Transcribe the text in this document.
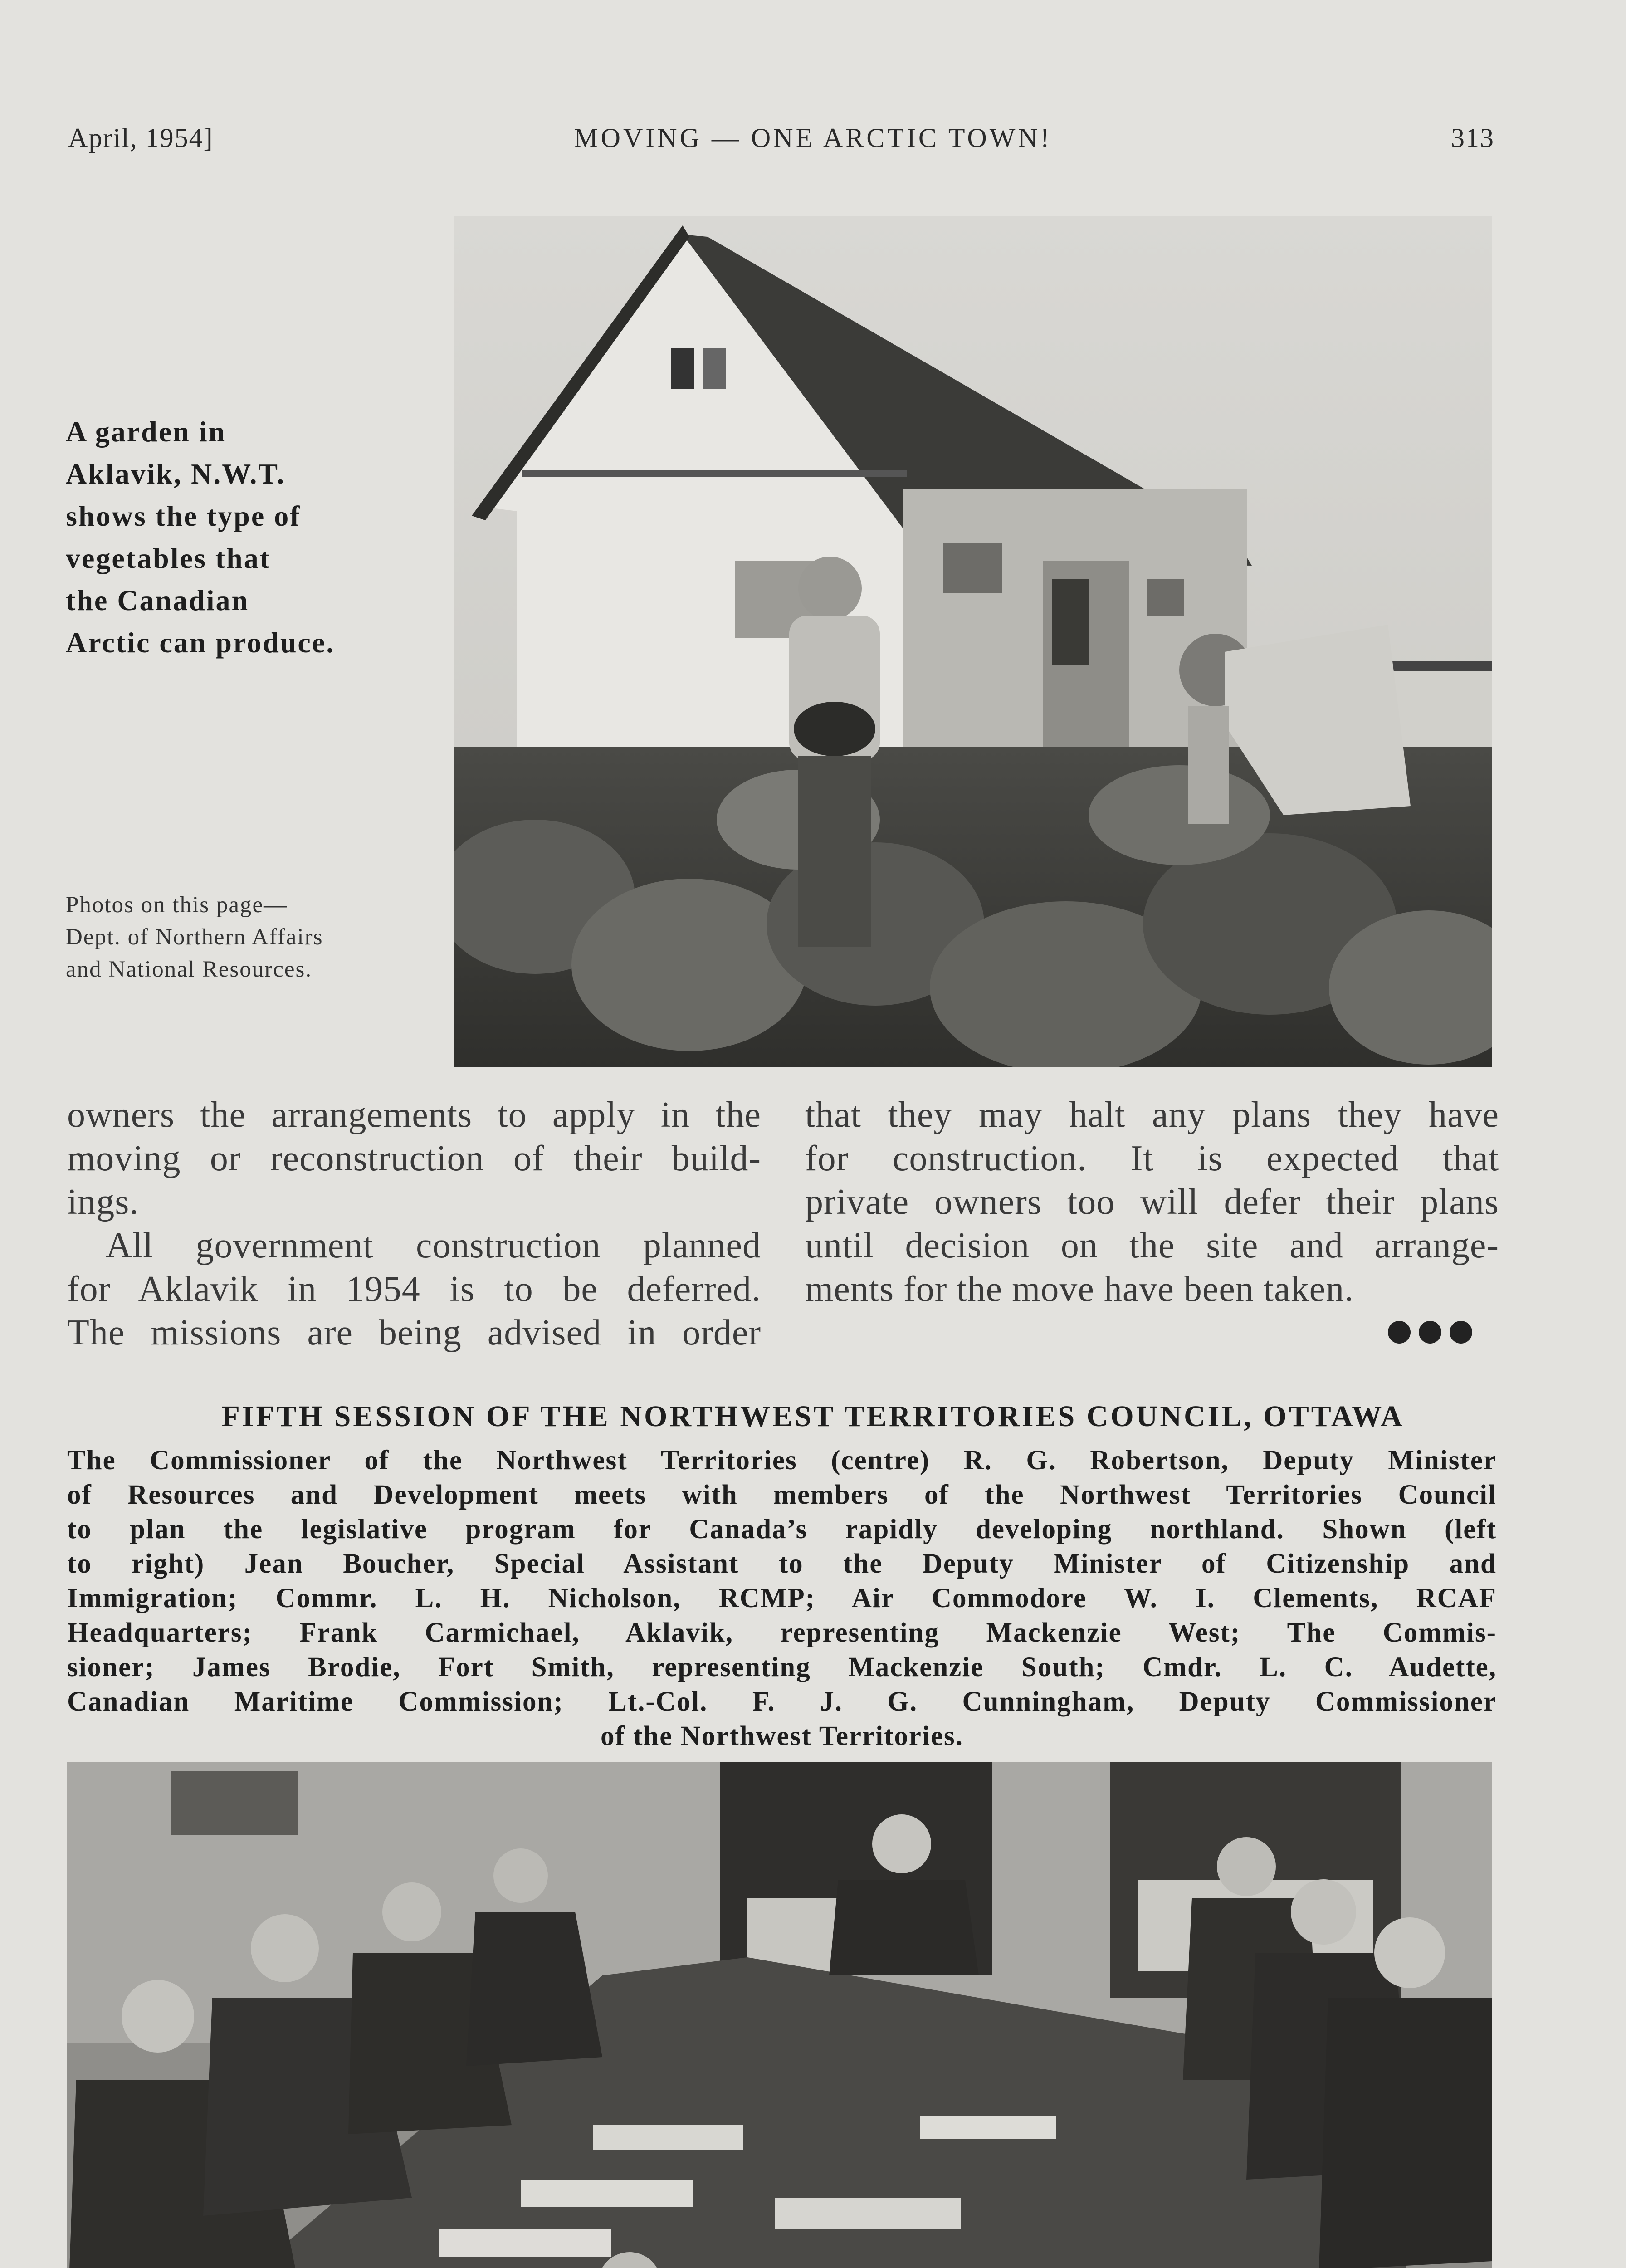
April, 1954]	MOVING — ONE ARCTIC TOWN!	313
A garden in
Aklavik, N.W.T.
shows the type of
vegetables that
the Canadian
Arctic can produce.
Photos on this page—
Dept. of Northern Affairs
and National Resources.
owners the arrangements to apply in the
moving or reconstruction of their build-
ings.
All government construction planned
for Aklavik in 1954 is to be deferred.
The missions are being advised in order
that they may halt any plans they have
for construction. It is expected that
private owners too will defer their plans
until decision on the site and arrange-
ments for the move have been taken.
FIFTH SESSION OF THE NORTHWEST TERRITORIES COUNCIL, OTTAWA
The Commissioner of the Northwest Territories (centre) R. G. Robertson, Deputy Minister
of Resources and Development meets with members of the Northwest Territories Council
to plan the legislative program for Canada’s rapidly developing northland. Shown (left
to right) Jean Boucher, Special Assistant to the Deputy Minister of Citizenship and
Immigration; Commr. L. H. Nicholson, RCMP; Air Commodore W. I. Clements, RCAF
Headquarters; Frank Carmichael, Aklavik, representing Mackenzie West; The Commis-
sioner; James Brodie, Fort Smith, representing Mackenzie South; Cmdr. L. C. Audette,
Canadian Maritime Commission; Lt.-Col. F. J. G. Cunningham, Deputy Commissioner
of the Northwest Territories.
